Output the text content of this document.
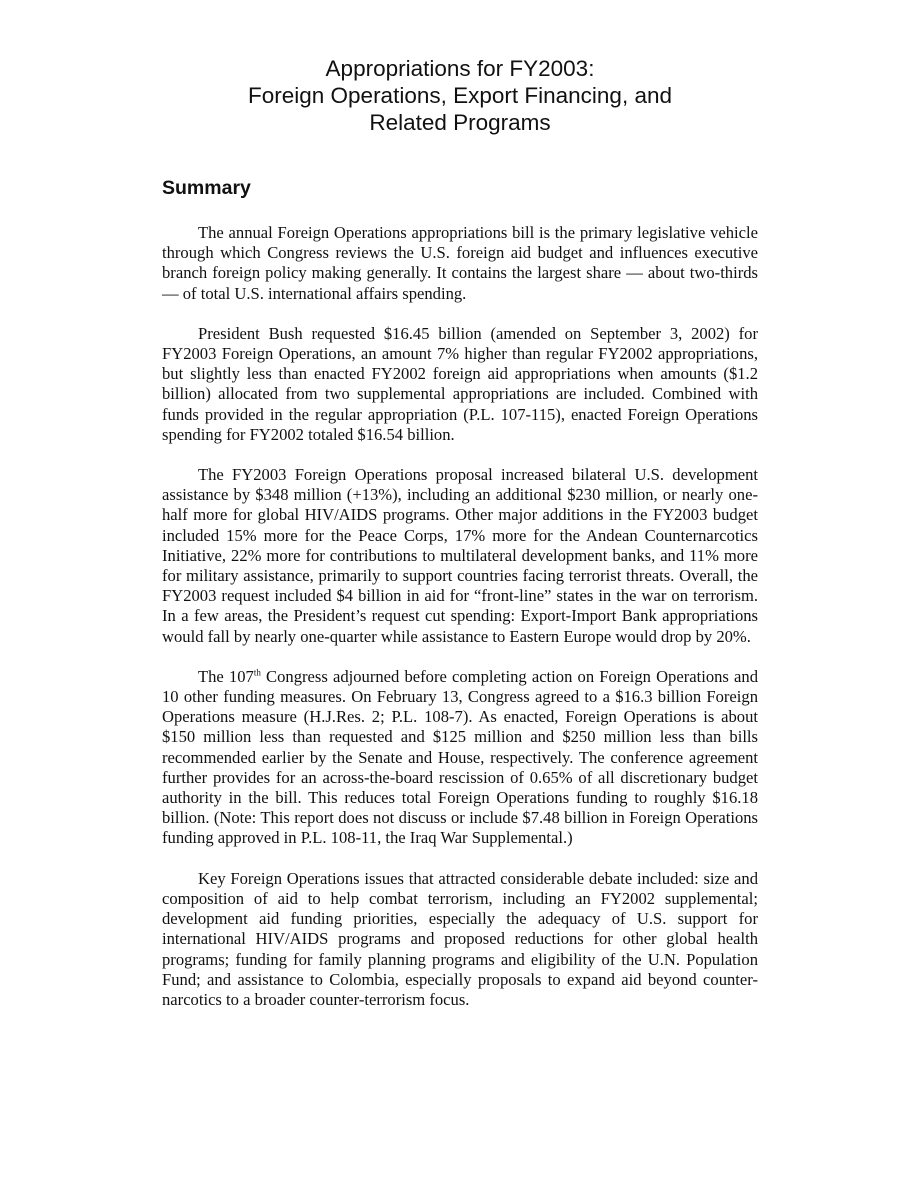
Appropriations for FY2003:
Foreign Operations, Export Financing, and
Related Programs
Summary

The annual Foreign Operations appropriations bill is the primary legislative vehicle through which Congress reviews the U.S. foreign aid budget and influences executive branch foreign policy making generally. It contains the largest share — about two-thirds — of total U.S. international affairs spending.

President Bush requested $16.45 billion (amended on September 3, 2002) for FY2003 Foreign Operations, an amount 7% higher than regular FY2002 appropriations, but slightly less than enacted FY2002 foreign aid appropriations when amounts ($1.2 billion) allocated from two supplemental appropriations are included. Combined with funds provided in the regular appropriation (P.L. 107-115), enacted Foreign Operations spending for FY2002 totaled $16.54 billion.

The FY2003 Foreign Operations proposal increased bilateral U.S. development assistance by $348 million (+13%), including an additional $230 million, or nearly one-half more for global HIV/AIDS programs. Other major additions in the FY2003 budget included 15% more for the Peace Corps, 17% more for the Andean Counternarcotics Initiative, 22% more for contributions to multilateral development banks, and 11% more for military assistance, primarily to support countries facing terrorist threats. Overall, the FY2003 request included $4 billion in aid for “front-line” states in the war on terrorism. In a few areas, the President’s request cut spending: Export-Import Bank appropriations would fall by nearly one-quarter while assistance to Eastern Europe would drop by 20%.

The 107th Congress adjourned before completing action on Foreign Operations and 10 other funding measures. On February 13, Congress agreed to a $16.3 billion Foreign Operations measure (H.J.Res. 2; P.L. 108-7). As enacted, Foreign Operations is about $150 million less than requested and $125 million and $250 million less than bills recommended earlier by the Senate and House, respectively. The conference agreement further provides for an across-the-board rescission of 0.65% of all discretionary budget authority in the bill. This reduces total Foreign Operations funding to roughly $16.18 billion. (Note: This report does not discuss or include $7.48 billion in Foreign Operations funding approved in P.L. 108-11, the Iraq War Supplemental.)

Key Foreign Operations issues that attracted considerable debate included: size and composition of aid to help combat terrorism, including an FY2002 supplemental; development aid funding priorities, especially the adequacy of U.S. support for international HIV/AIDS programs and proposed reductions for other global health programs; funding for family planning programs and eligibility of the U.N. Population Fund; and assistance to Colombia, especially proposals to expand aid beyond counter-narcotics to a broader counter-terrorism focus.
